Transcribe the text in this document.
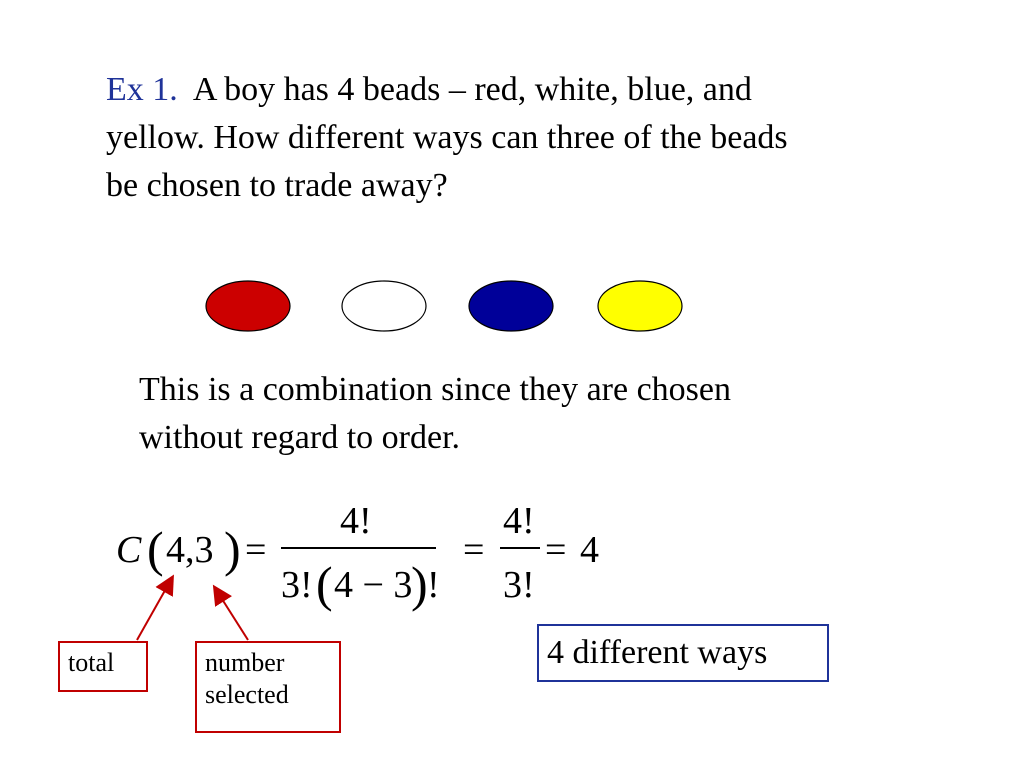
Ex 1. A boy has 4 beads – red, white, blue, and
yellow. How different ways can three of the beads
be chosen to trade away?
This is a combination since they are chosen
without regard to order.
C ( 4,3 ) =
4!
3! ( 4 − 3
) !
=
4!
3!
= 4
total	number
selected
4 different ways
